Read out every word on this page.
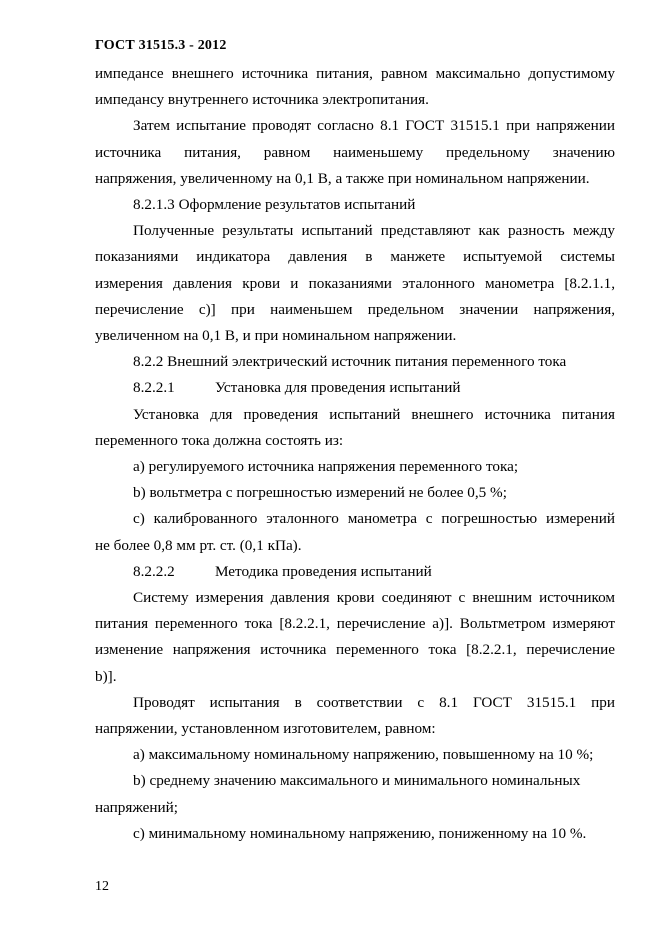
ГОСТ 31515.3 - 2012
импедансе внешнего источника питания, равном максимально допустимому
импедансу внутреннего источника электропитания.
Затем испытание проводят согласно 8.1 ГОСТ 31515.1 при напряжении
источника питания, равном наименьшему предельному значению
напряжения, увеличенному на 0,1 В, а также при номинальном напряжении.
8.2.1.3 Оформление результатов испытаний
Полученные результаты испытаний представляют как разность между
показаниями индикатора давления в манжете испытуемой системы
измерения давления крови и показаниями эталонного манометра [8.2.1.1,
перечисление с)] при наименьшем предельном значении напряжения,
увеличенном на 0,1 В, и при номинальном напряжении.
8.2.2 Внешний электрический источник питания переменного тока
8.2.2.1	Установка для проведения испытаний
Установка для проведения испытаний внешнего источника питания
переменного тока должна состоять из:
а) регулируемого источника напряжения переменного тока;
b) вольтметра с погрешностью измерений не более 0,5 %;
с) калиброванного эталонного манометра с погрешностью измерений
не более 0,8 мм рт. ст. (0,1 кПа).
8.2.2.2	Методика проведения испытаний
Систему измерения давления крови соединяют с внешним источником
питания переменного тока [8.2.2.1, перечисление а)]. Вольтметром измеряют
изменение напряжения источника переменного тока [8.2.2.1, перечисление
b)].
Проводят испытания в соответствии с 8.1 ГОСТ 31515.1 при
напряжении, установленном изготовителем, равном:
а) максимальному номинальному напряжению, повышенному на 10 %;
b) среднему значению максимального и минимального номинальных
напряжений;
с) минимальному номинальному напряжению, пониженному на 10 %.
12
